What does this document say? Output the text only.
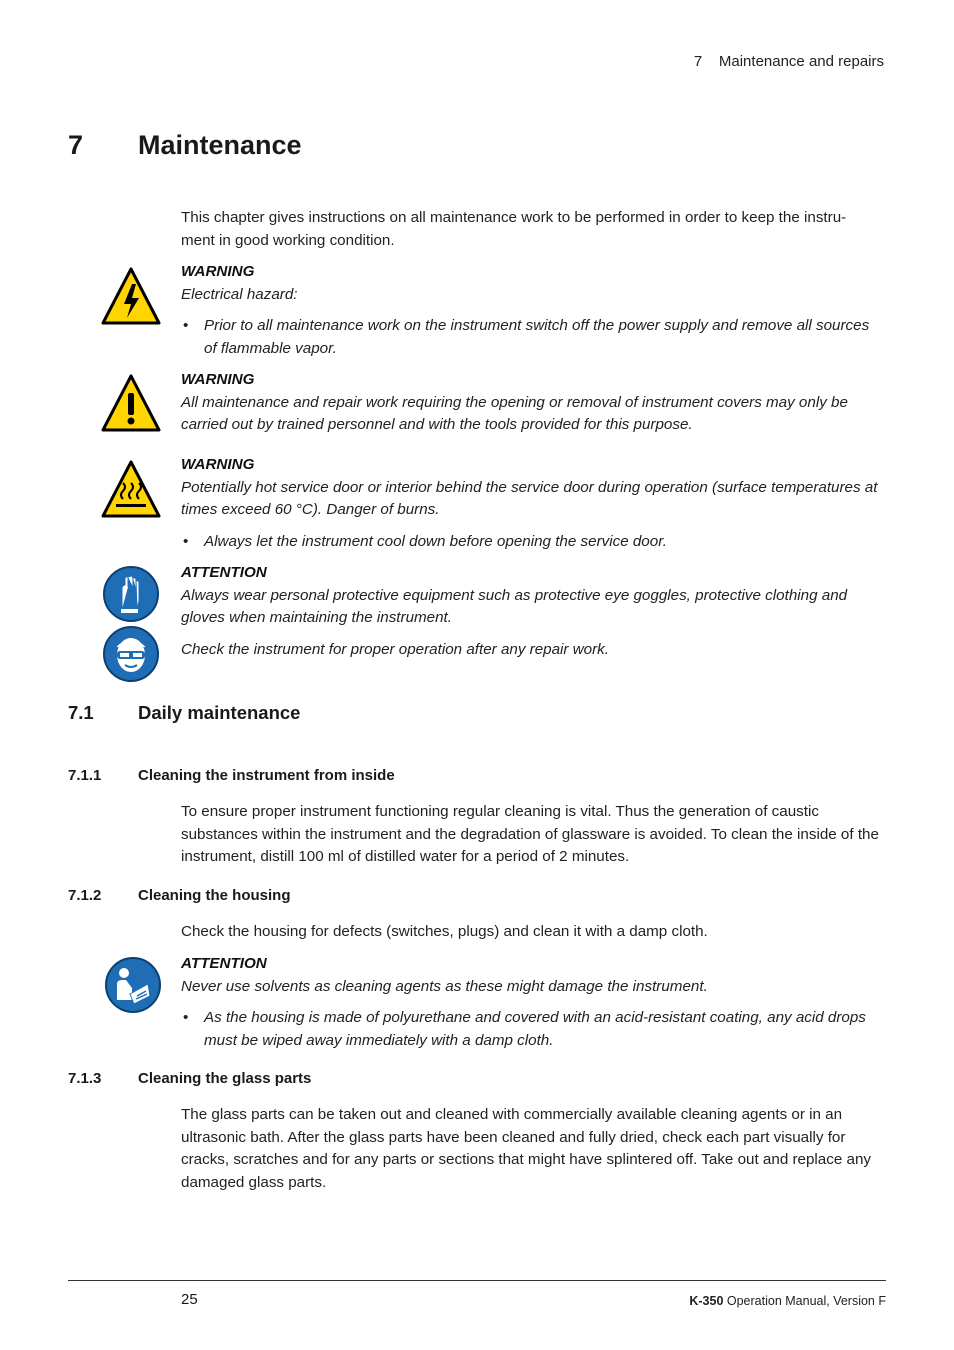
7    Maintenance and repairs
7 Maintenance

This chapter gives instructions on all maintenance work to be performed in order to keep the instru-

ment in good working condition.

WARNING

Electrical hazard:

• Prior to all maintenance work on the instrument switch off the power supply and remove all sources of flammable vapor.

WARNING

All maintenance and repair work requiring the opening or removal of instrument covers may only be carried out by trained personnel and with the tools provided for this purpose.

WARNING

Potentially hot service door or interior behind the service door during operation (surface temperatures at times exceed 60 °C). Danger of burns.

• Always let the instrument cool down before opening the service door.

ATTENTION

Always wear personal protective equipment such as protective eye goggles, protective clothing and gloves when maintaining the instrument.

Check the instrument for proper operation after any repair work.

7.1 Daily maintenance
7.1.1 Cleaning the instrument from inside
To ensure proper instrument functioning regular cleaning is vital. Thus the generation of caustic substances within the instrument and the degradation of glassware is avoided. To clean the inside of the instrument, distill 100 ml of distilled water for a period of 2 minutes.
7.1.2 Cleaning the housing
Check the housing for defects (switches, plugs) and clean it with a damp cloth.

ATTENTION

Never use solvents as cleaning agents as these might damage the instrument.

• As the housing is made of polyurethane and covered with an acid-resistant coating, any acid drops must be wiped away immediately with a damp cloth.

7.1.3 Cleaning the glass parts
The glass parts can be taken out and cleaned with commercially available cleaning agents or in an ultrasonic bath. After the glass parts have been cleaned and fully dried, check each part visually for cracks, scratches and for any parts or sections that might have splintered off. Take out and replace any damaged glass parts.
25	K-350 Operation Manual, Version F
